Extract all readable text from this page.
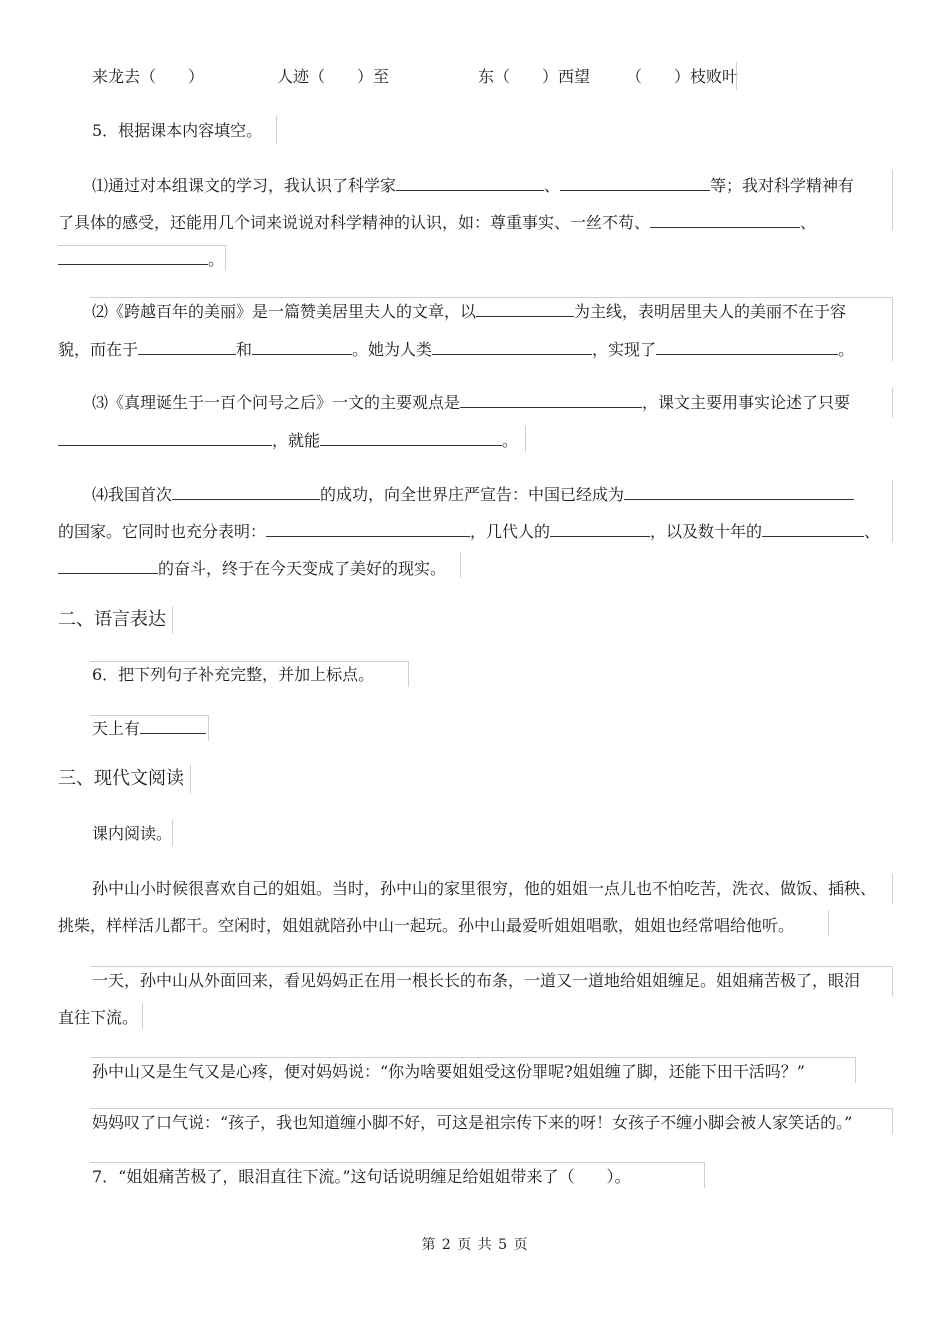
来龙去（　　）	人迹（　　）至	东（　　）西望 （　　）枝败叶
5．根据课本内容填空。
⑴通过对本组课文的学习，我认识了科学家	、	等；我对科学精神有
了具体的感受，还能用几个词来说说对科学精神的认识，如：尊重事实、一丝不苟、	、
。
⑵《跨越百年的美丽》是一篇赞美居里夫人的文章，以	为主线，表明居里夫人的美丽不在于容
貌，而在于	和	。她为人类	，实现了	。
⑶《真理诞生于一百个问号之后》一文的主要观点是	，课文主要用事实论述了只要
，就能	。
⑷我国首次	的成功，向全世界庄严宣告：中国已经成为
的国家。它同时也充分表明：	，几代人的	，以及数十年的	、
的奋斗，终于在今天变成了美好的现实。
二、语言表达
6．把下列句子补充完整，并加上标点。
天上有
三、现代文阅读
课内阅读。
孙中山小时候很喜欢自己的姐姐。当时，孙中山的家里很穷，他的姐姐一点儿也不怕吃苦，洗衣、做饭、插秧、
挑柴，样样活儿都干。空闲时，姐姐就陪孙中山一起玩。孙中山最爱听姐姐唱歌，姐姐也经常唱给他听。
一天，孙中山从外面回来，看见妈妈正在用一根长长的布条，一道又一道地给姐姐缠足。姐姐痛苦极了，眼泪
直往下流。
孙中山又是生气又是心疼，便对妈妈说：“你为啥要姐姐受这份罪呢?姐姐缠了脚，还能下田干活吗？”
妈妈叹了口气说：“孩子，我也知道缠小脚不好，可这是祖宗传下来的呀！女孩子不缠小脚会被人家笑话的。”
7．“姐姐痛苦极了，眼泪直往下流。”这句话说明缠足给姐姐带来了（　　）。
第 2 页 共 5 页
